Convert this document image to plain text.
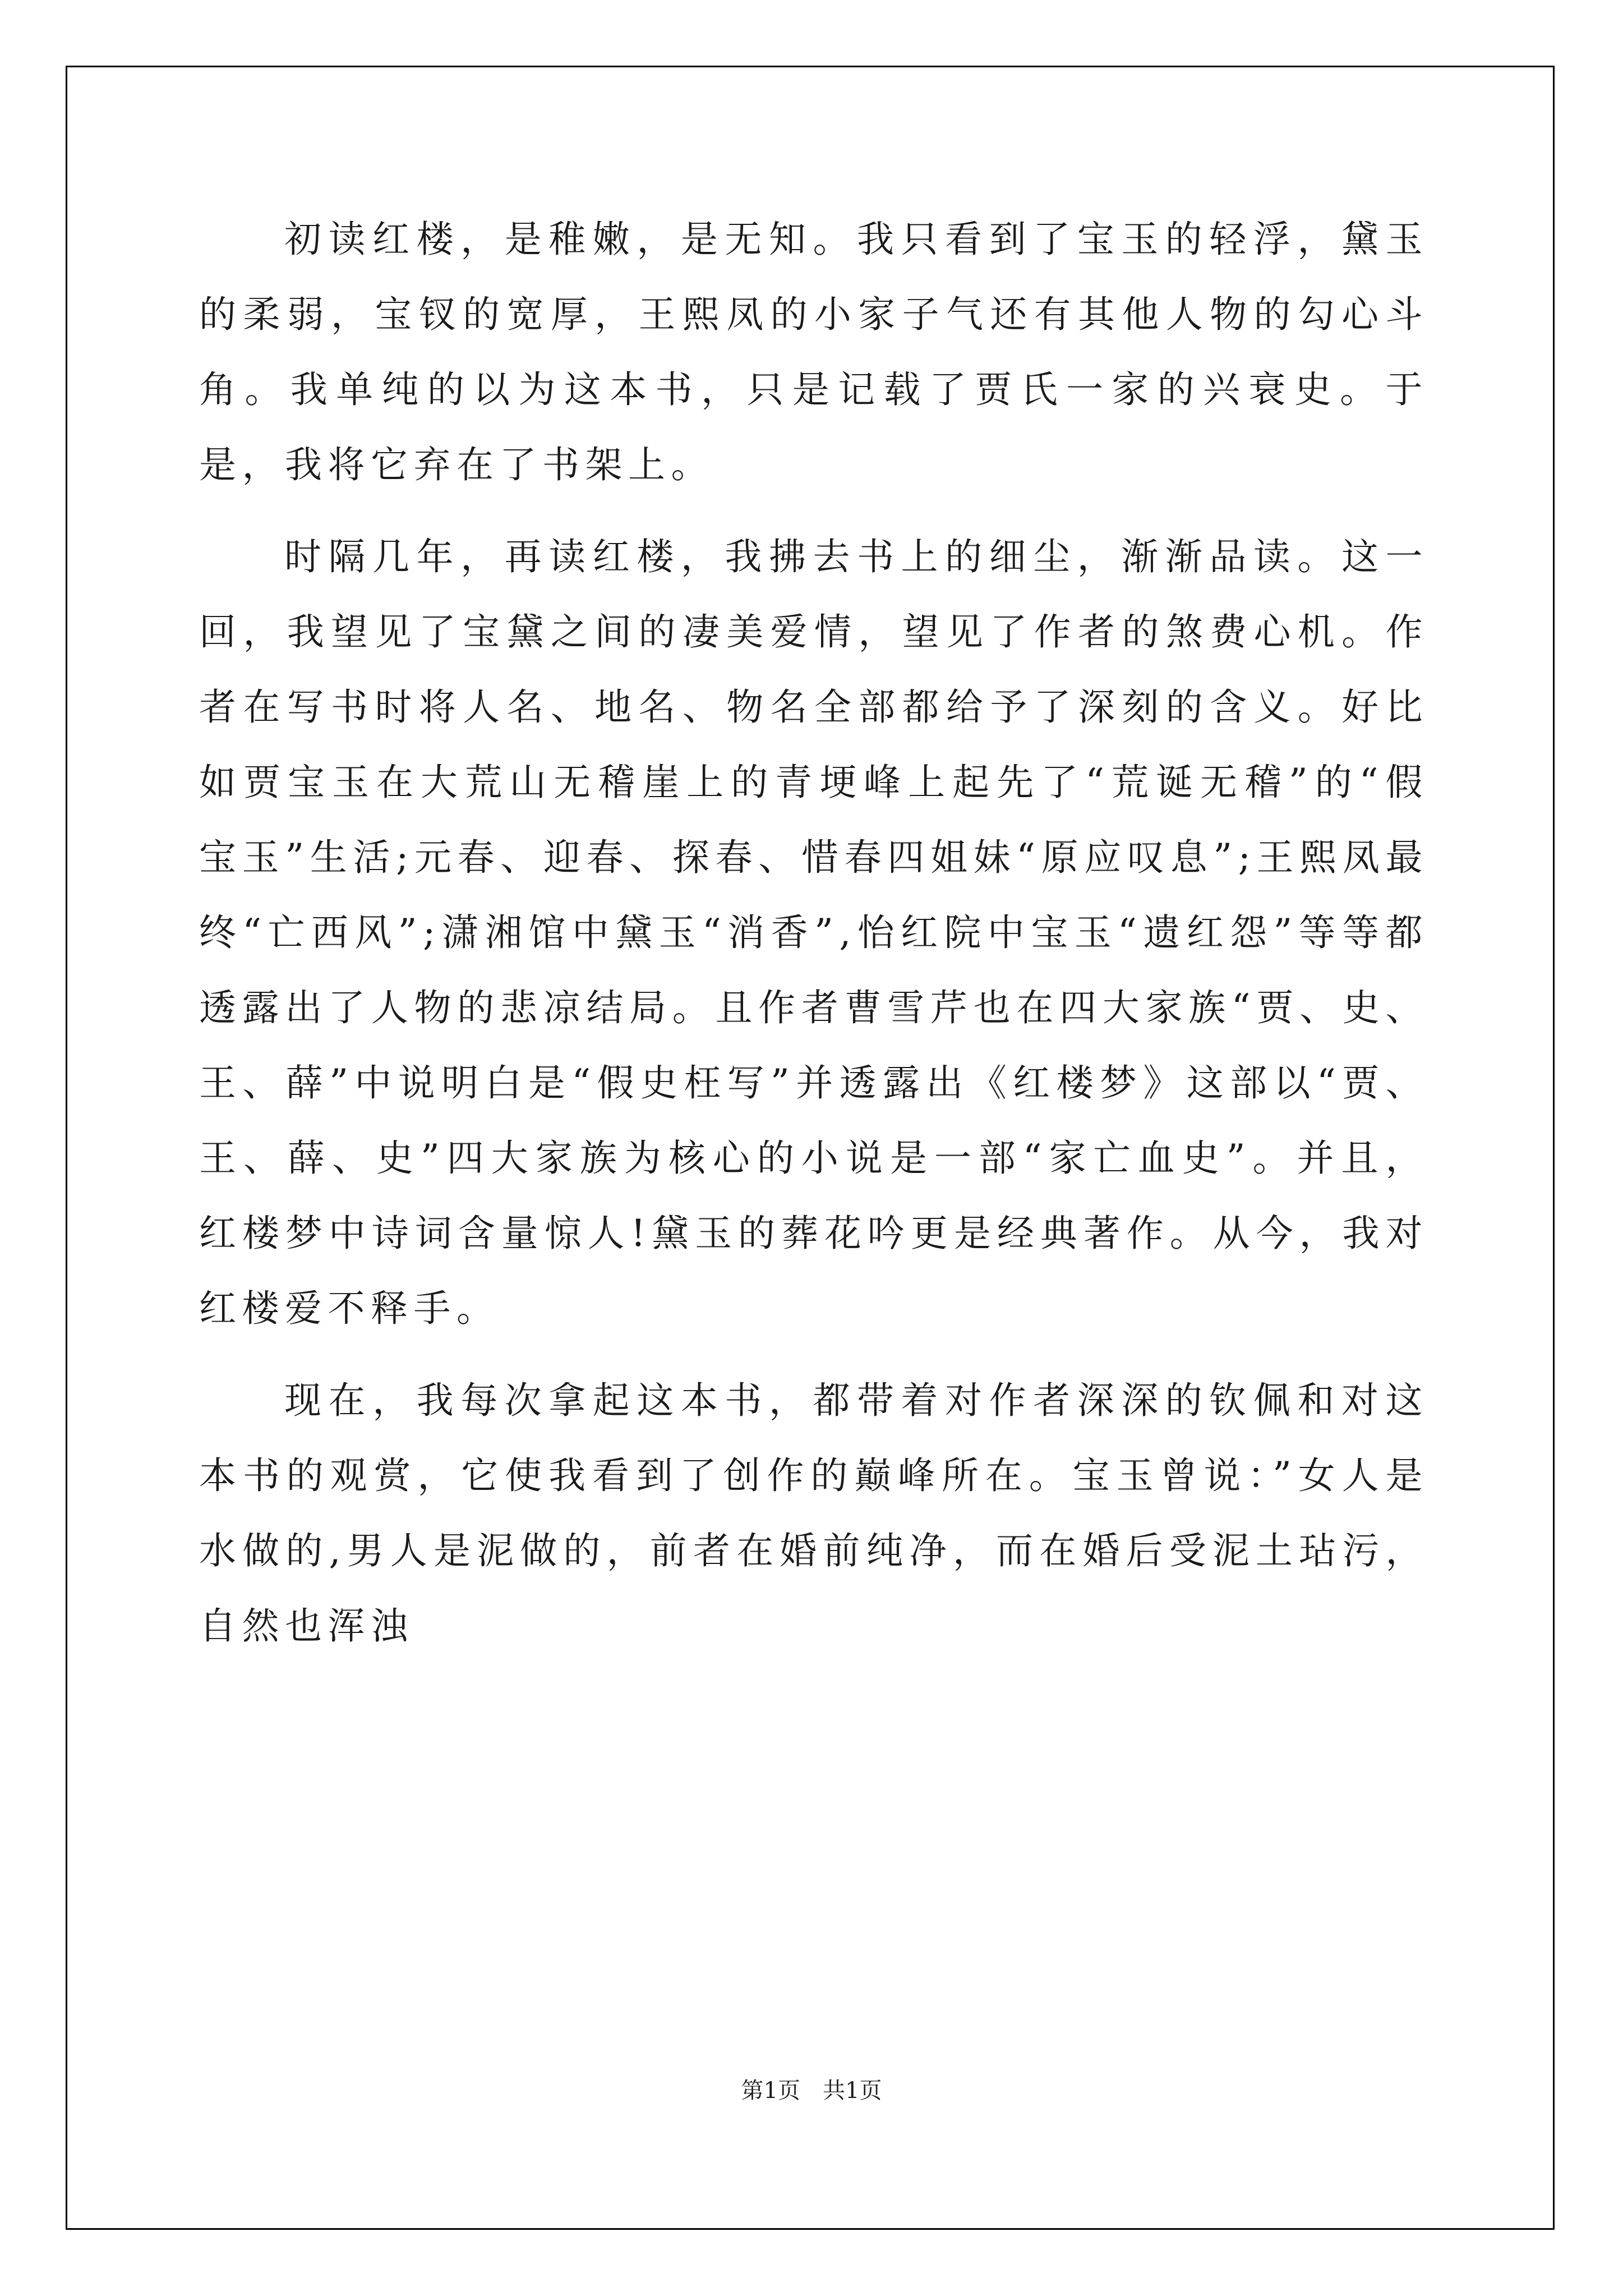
初读红楼，是稚嫩，是无知。我只看到了宝玉的轻浮，黛玉的柔弱，宝钗的宽厚，王熙凤的小家子气还有其他人物的勾心斗角。我单纯的以为这本书，只是记载了贾氏一家的兴衰史。于是，我将它弃在了书架上。

时隔几年，再读红楼，我拂去书上的细尘，渐渐品读。这一回，我望见了宝黛之间的凄美爱情，望见了作者的煞费心机。作者在写书时将人名、地名、物名全部都给予了深刻的含义。好比如贾宝玉在大荒山无稽崖上的青埂峰上起先了“荒诞无稽”的“假宝玉”生活;元春、迎春、探春、惜春四姐妹“原应叹息”;王熙凤最终“亡西风”;潇湘馆中黛玉“消香”,怡红院中宝玉“遗红怨”等等都透露出了人物的悲凉结局。且作者曹雪芹也在四大家族“贾、史、王、薛”中说明白是“假史枉写”并透露出《红楼梦》这部以“贾、王、薛、史”四大家族为核心的小说是一部“家亡血史”。并且，红楼梦中诗词含量惊人!黛玉的葬花吟更是经典著作。从今，我对红楼爱不释手。

现在，我每次拿起这本书，都带着对作者深深的钦佩和对这本书的观赏，它使我看到了创作的巅峰所在。宝玉曾说：”女人是水做的,男人是泥做的，前者在婚前纯净，而在婚后受泥土玷污，自然也浑浊

第1页 共1页
